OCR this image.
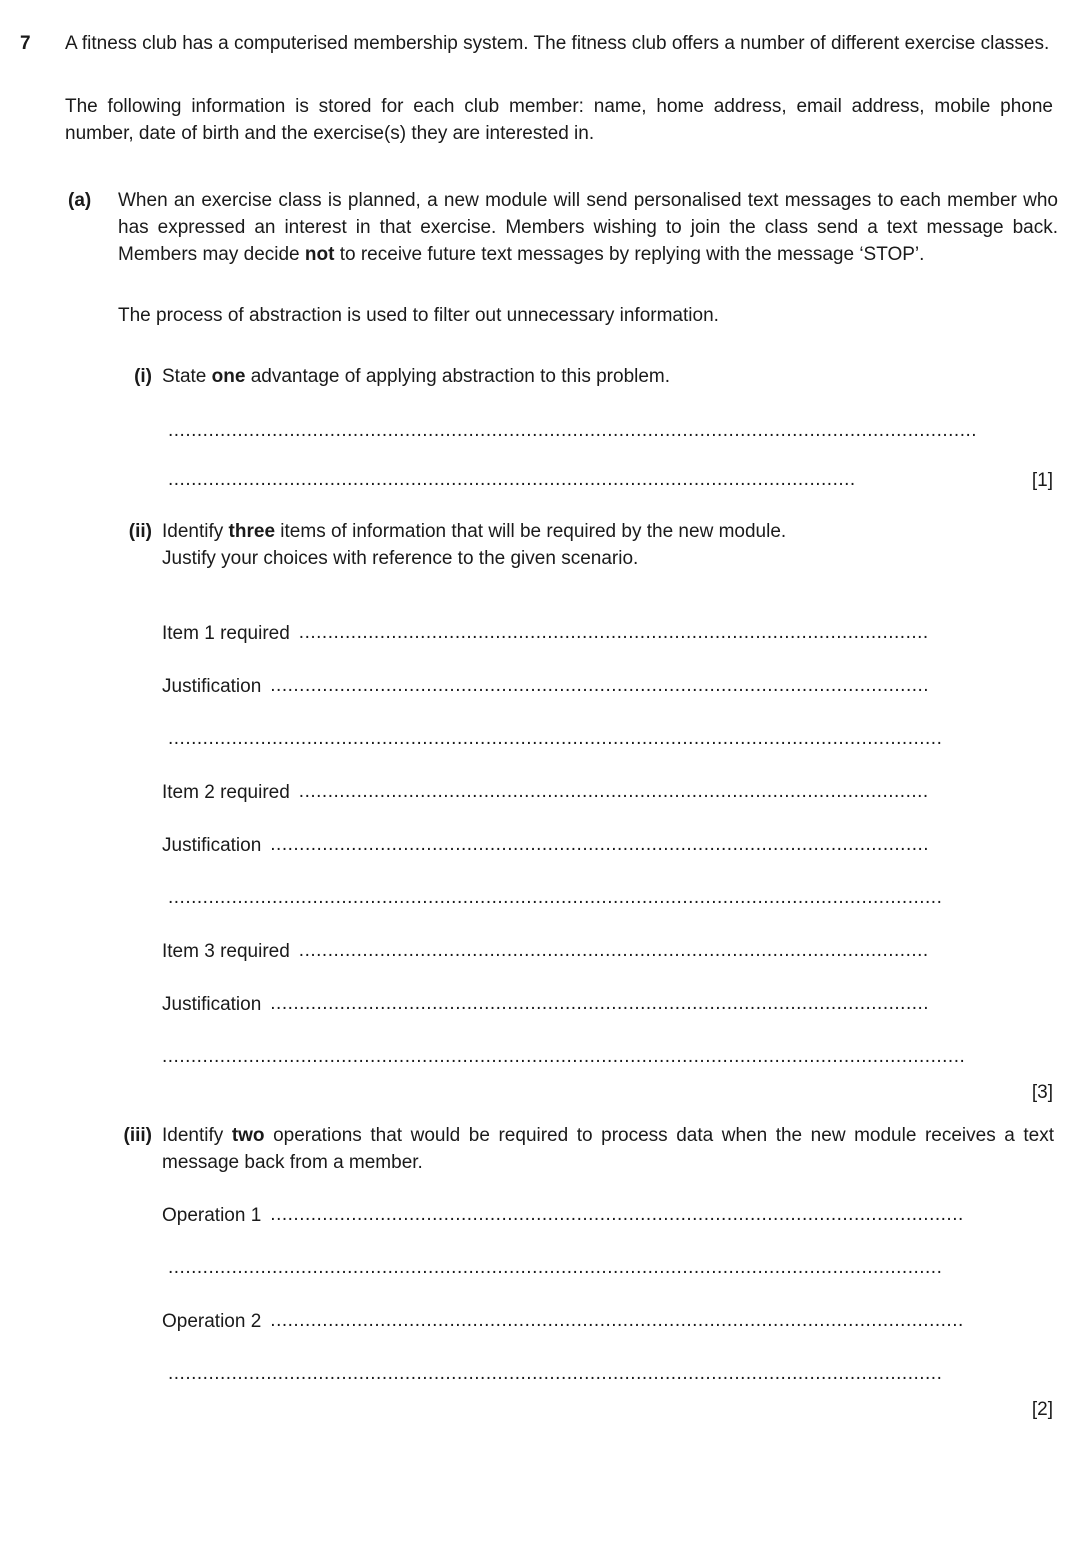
7	A fitness club has a computerised membership system. The fitness club offers a number of different exercise classes.
The following information is stored for each club member: name, home address, email address, mobile phone number, date of birth and the exercise(s) they are interested in.
(a)	When an exercise class is planned, a new module will send personalised text messages to each member who has expressed an interest in that exercise. Members wishing to join the class send a text message back. Members may decide not to receive future text messages by replying with the message ‘STOP’.
The process of abstraction is used to filter out unnecessary information.
(i) State one advantage of applying abstraction to this problem.
............................................................................................................................................
.......................................................................................................................	[1]
(ii) Identify three items of information that will be required by the new module.
Justify your choices with reference to the given scenario.
Item 1 required .............................................................................................................
Justification ..................................................................................................................
......................................................................................................................................
Item 2 required .............................................................................................................
Justification ..................................................................................................................
......................................................................................................................................
Item 3 required .............................................................................................................
Justification ..................................................................................................................
...........................................................................................................................................
[3]
(iii) Identify two operations that would be required to process data when the new module receives a text message back from a member.
Operation 1 ........................................................................................................................
......................................................................................................................................
Operation 2 ........................................................................................................................
......................................................................................................................................
[2]
